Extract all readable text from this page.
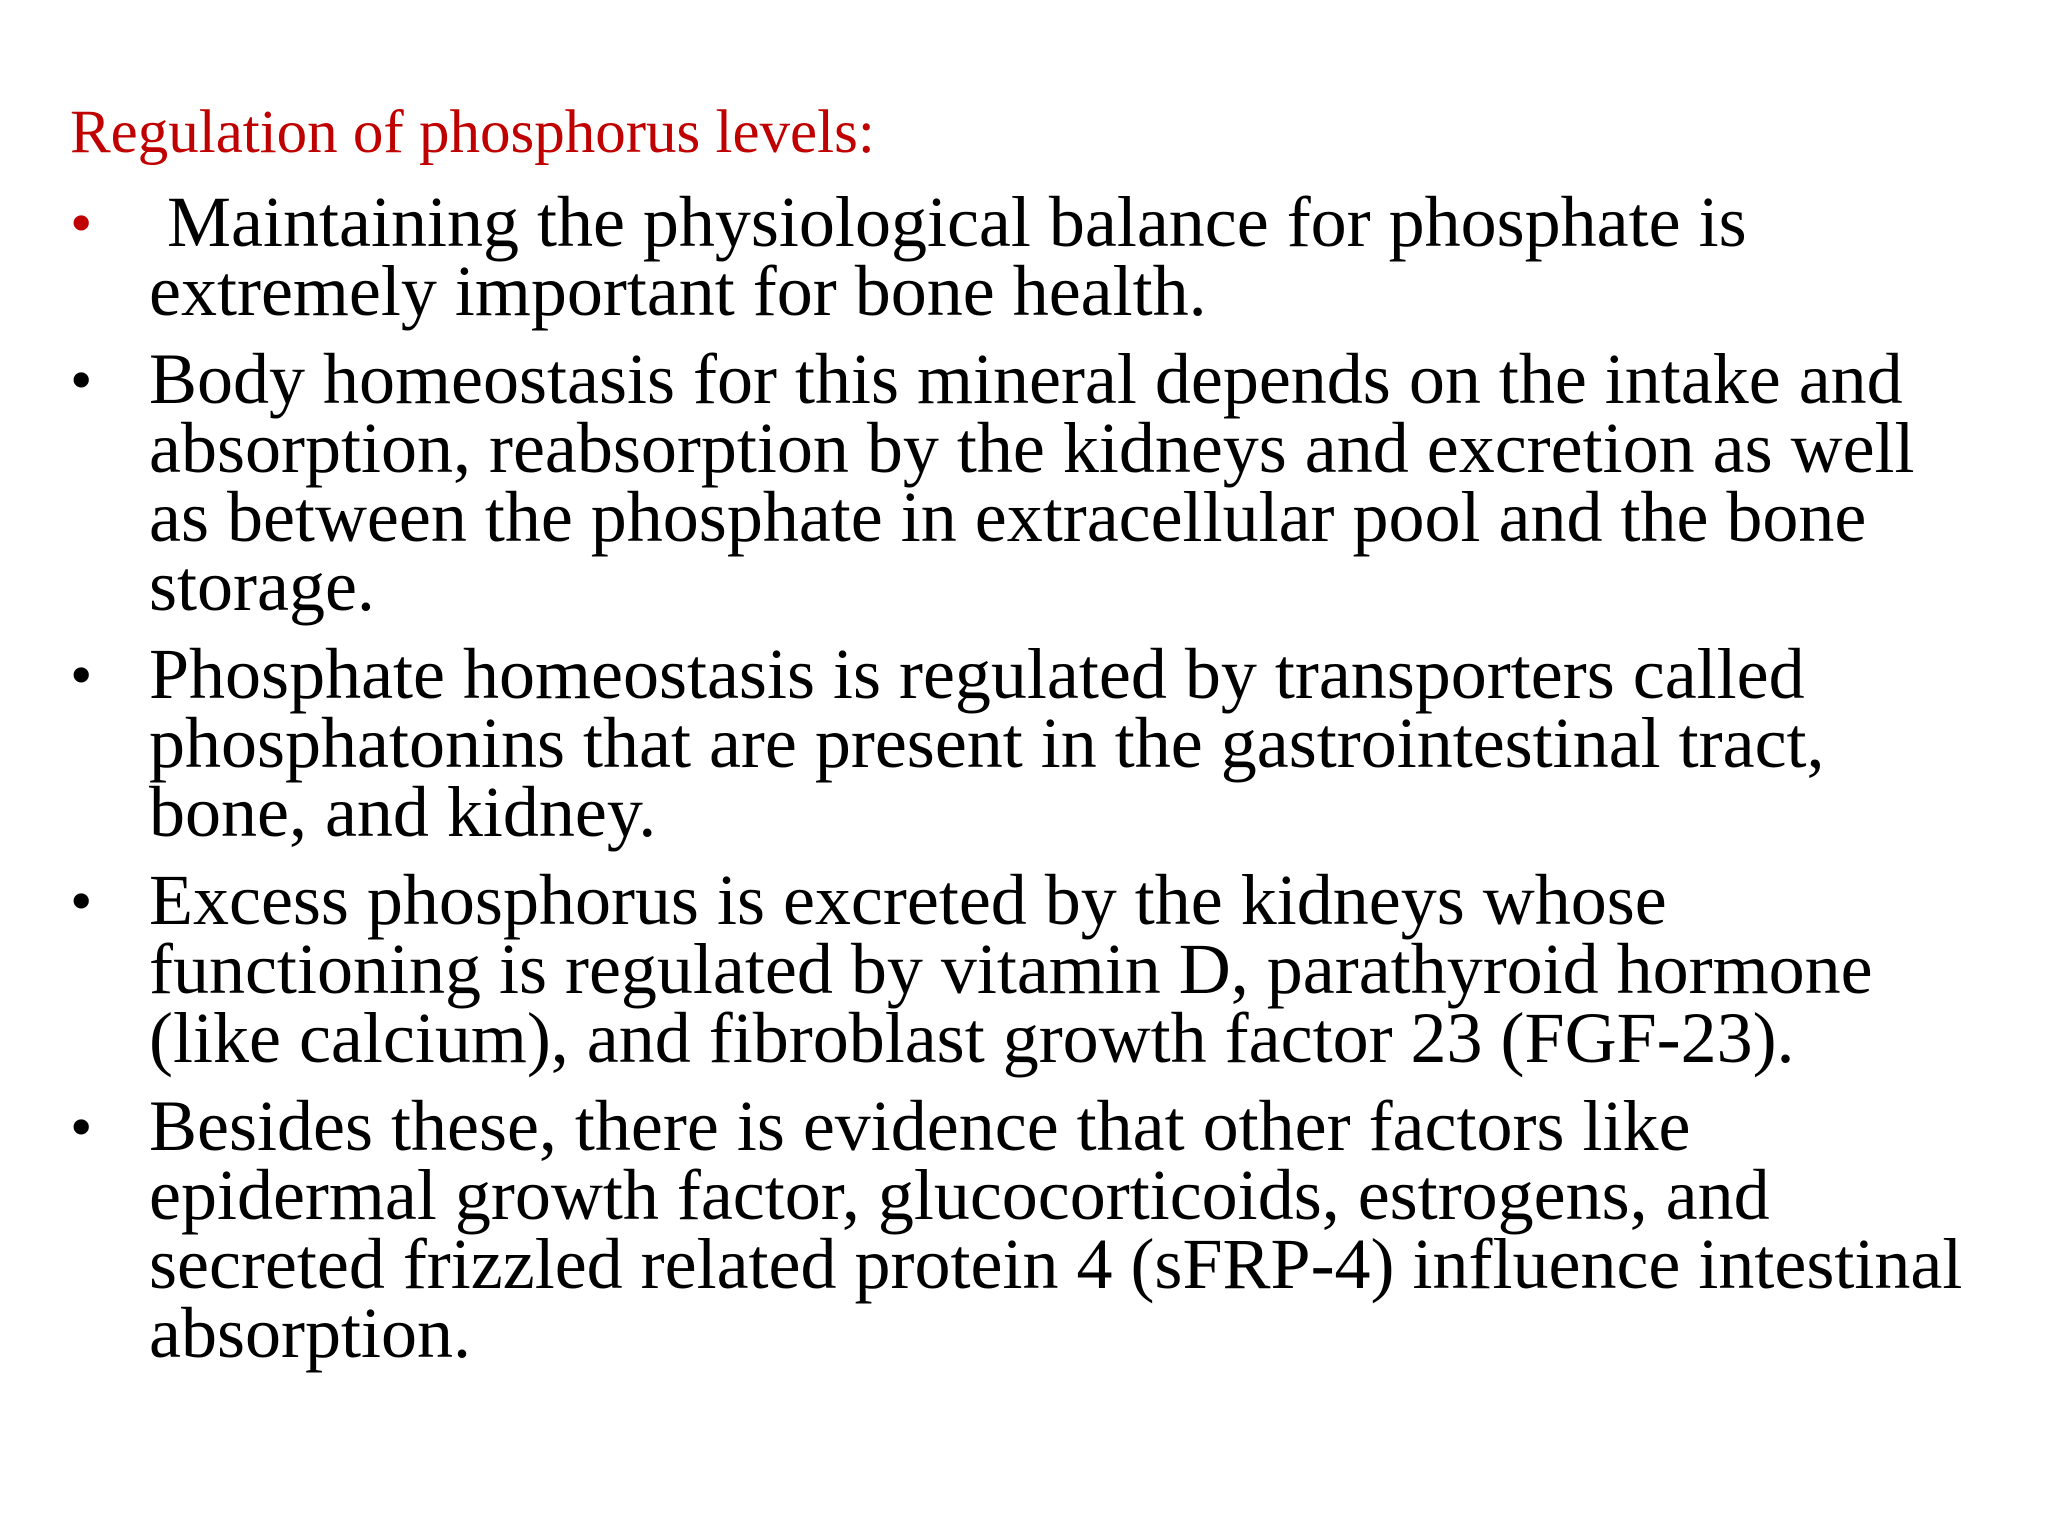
Regulation of phosphorus levels:
• Maintaining the physiological balance for phosphate is extremely important for bone health.
• Body homeostasis for this mineral depends on the intake and absorption, reabsorption by the kidneys and excretion as well as between the phosphate in extracellular pool and the bone storage.
• Phosphate homeostasis is regulated by transporters called phosphatonins that are present in the gastrointestinal tract, bone, and kidney.
• Excess phosphorus is excreted by the kidneys whose functioning is regulated by vitamin D, parathyroid hormone (like calcium), and fibroblast growth factor 23 (FGF-23).
• Besides these, there is evidence that other factors like epidermal growth factor, glucocorticoids, estrogens, and secreted frizzled related protein 4 (sFRP-4) influence intestinal absorption.
